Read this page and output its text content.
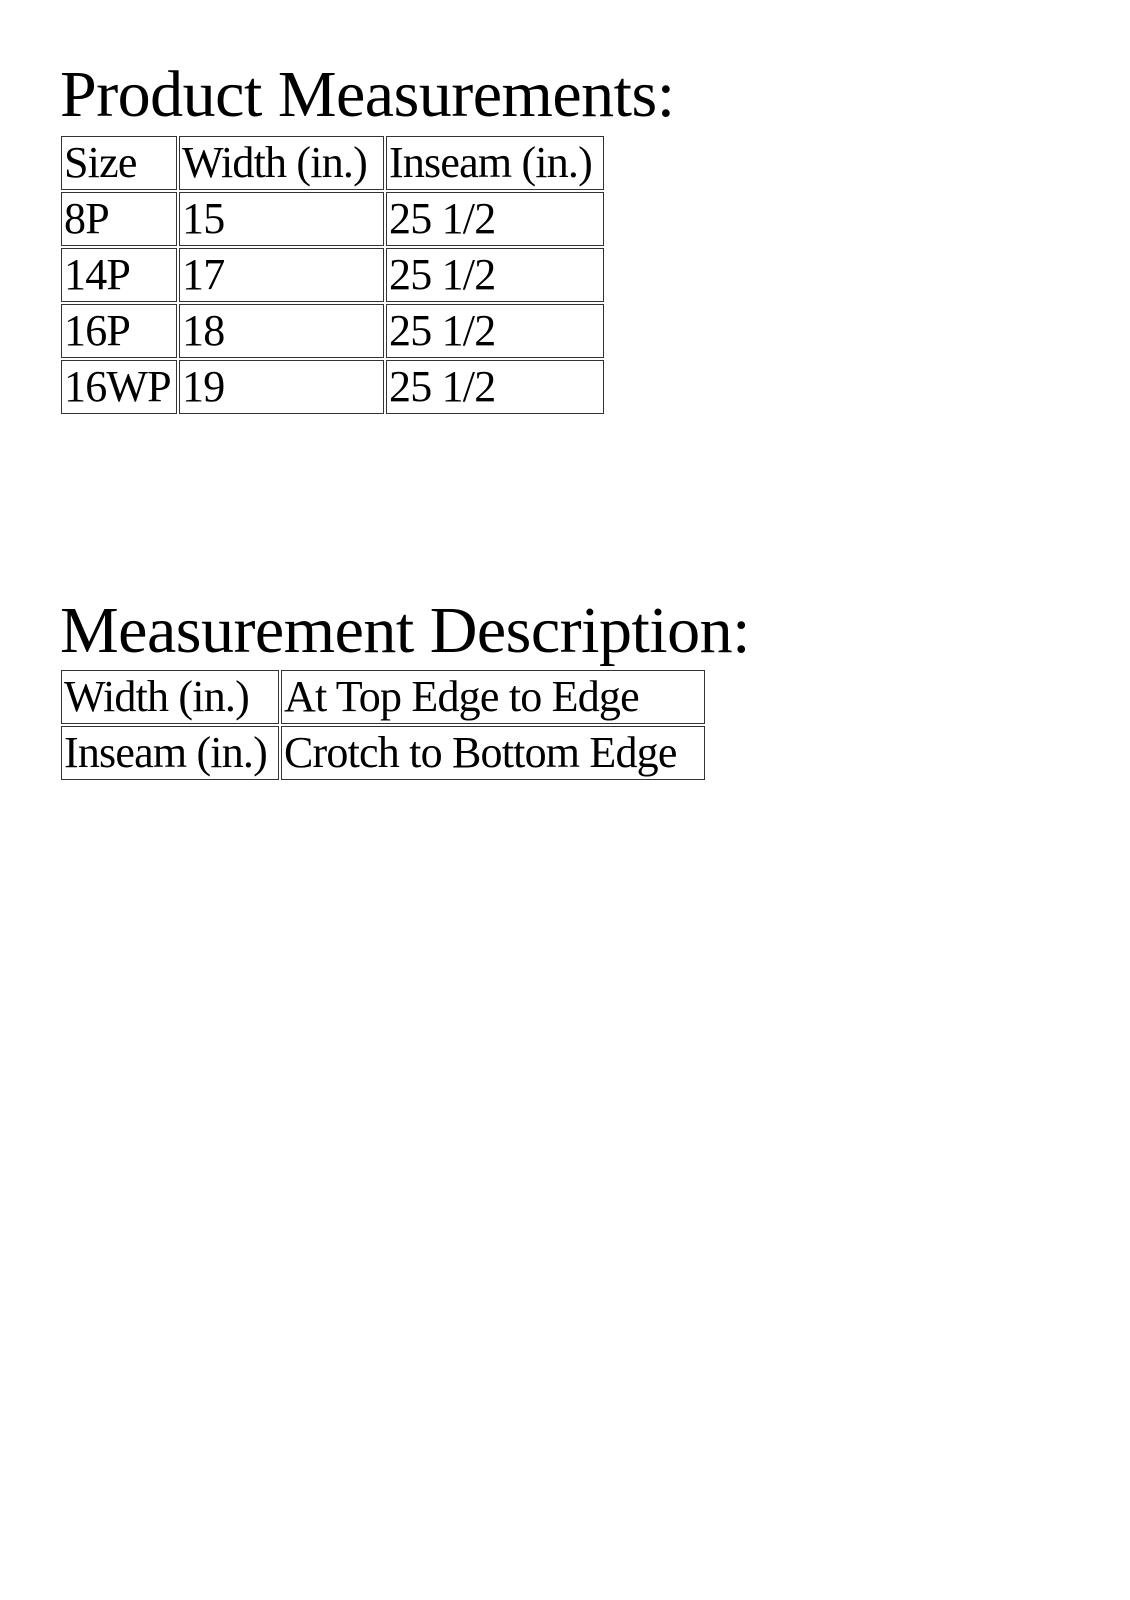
Product Measurements:
Size	Width (in.)	Inseam (in.)
8P	15	25 1/2
14P	17	25 1/2
16P	18	25 1/2
16WP	19	25 1/2
Measurement Description:
Width (in.)	At Top Edge to Edge
Inseam (in.)	Crotch to Bottom Edge
